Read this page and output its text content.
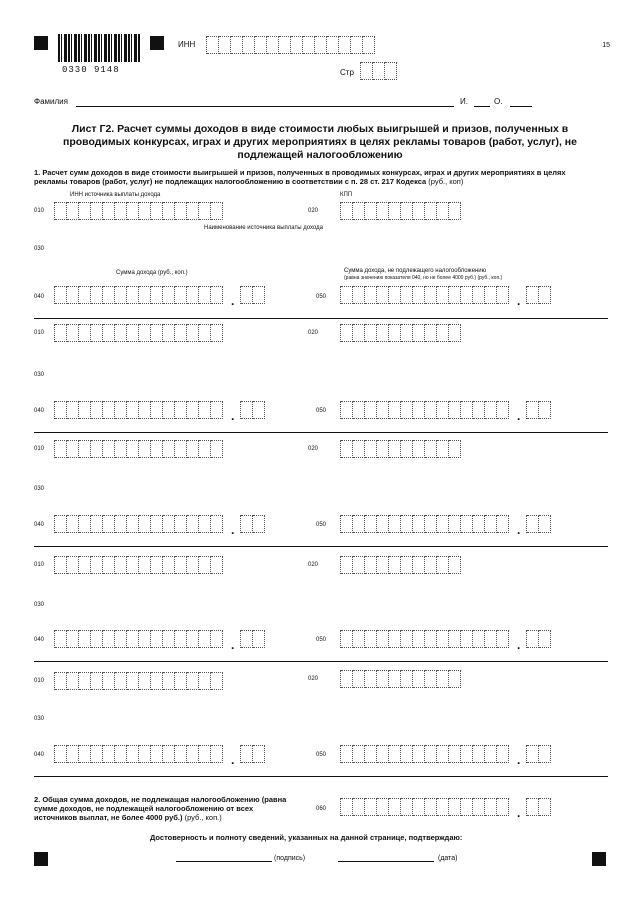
0330 9148
ИНН
Стр
15
Фамилия	И.	О.
Лист Г2. Расчет суммы доходов в виде стоимости любых выигрышей и призов, полученных в проводимых конкурсах, играх и других мероприятиях в целях рекламы товаров (работ, услуг), не подлежащей налогообложению
1. Расчет сумм доходов в виде стоимости выигрышей и призов, полученных в проводимых конкурсах, играх и других мероприятиях в целях рекламы товаров (работ, услуг) не подлежащих налогообложению в соответствии с п. 28 ст. 217 Кодекса (руб., коп)
ИНН источника выплаты дохода	КПП
010	020
Наименование источника выплаты дохода
030
Сумма дохода (руб., коп.)	Сумма дохода, не подлежащего налогообложению
(равна значению показателя 040, но не более 4000 руб.) (руб., коп.)
040	.	050	.
010	020
030
040	.	050	.
010	020
030
040	.	050	.
010	020
030
040	.	050	.
010	020
030
040	.	050	.
2. Общая сумма доходов, не подлежащая налогообложению (равна сумме доходов, не подлежащей налогообложению от всех источников выплат, не более 4000 руб.) (руб., коп.)
060	.
Достоверность и полноту сведений, указанных на данной странице, подтверждаю:
(подпись)	(дата)
